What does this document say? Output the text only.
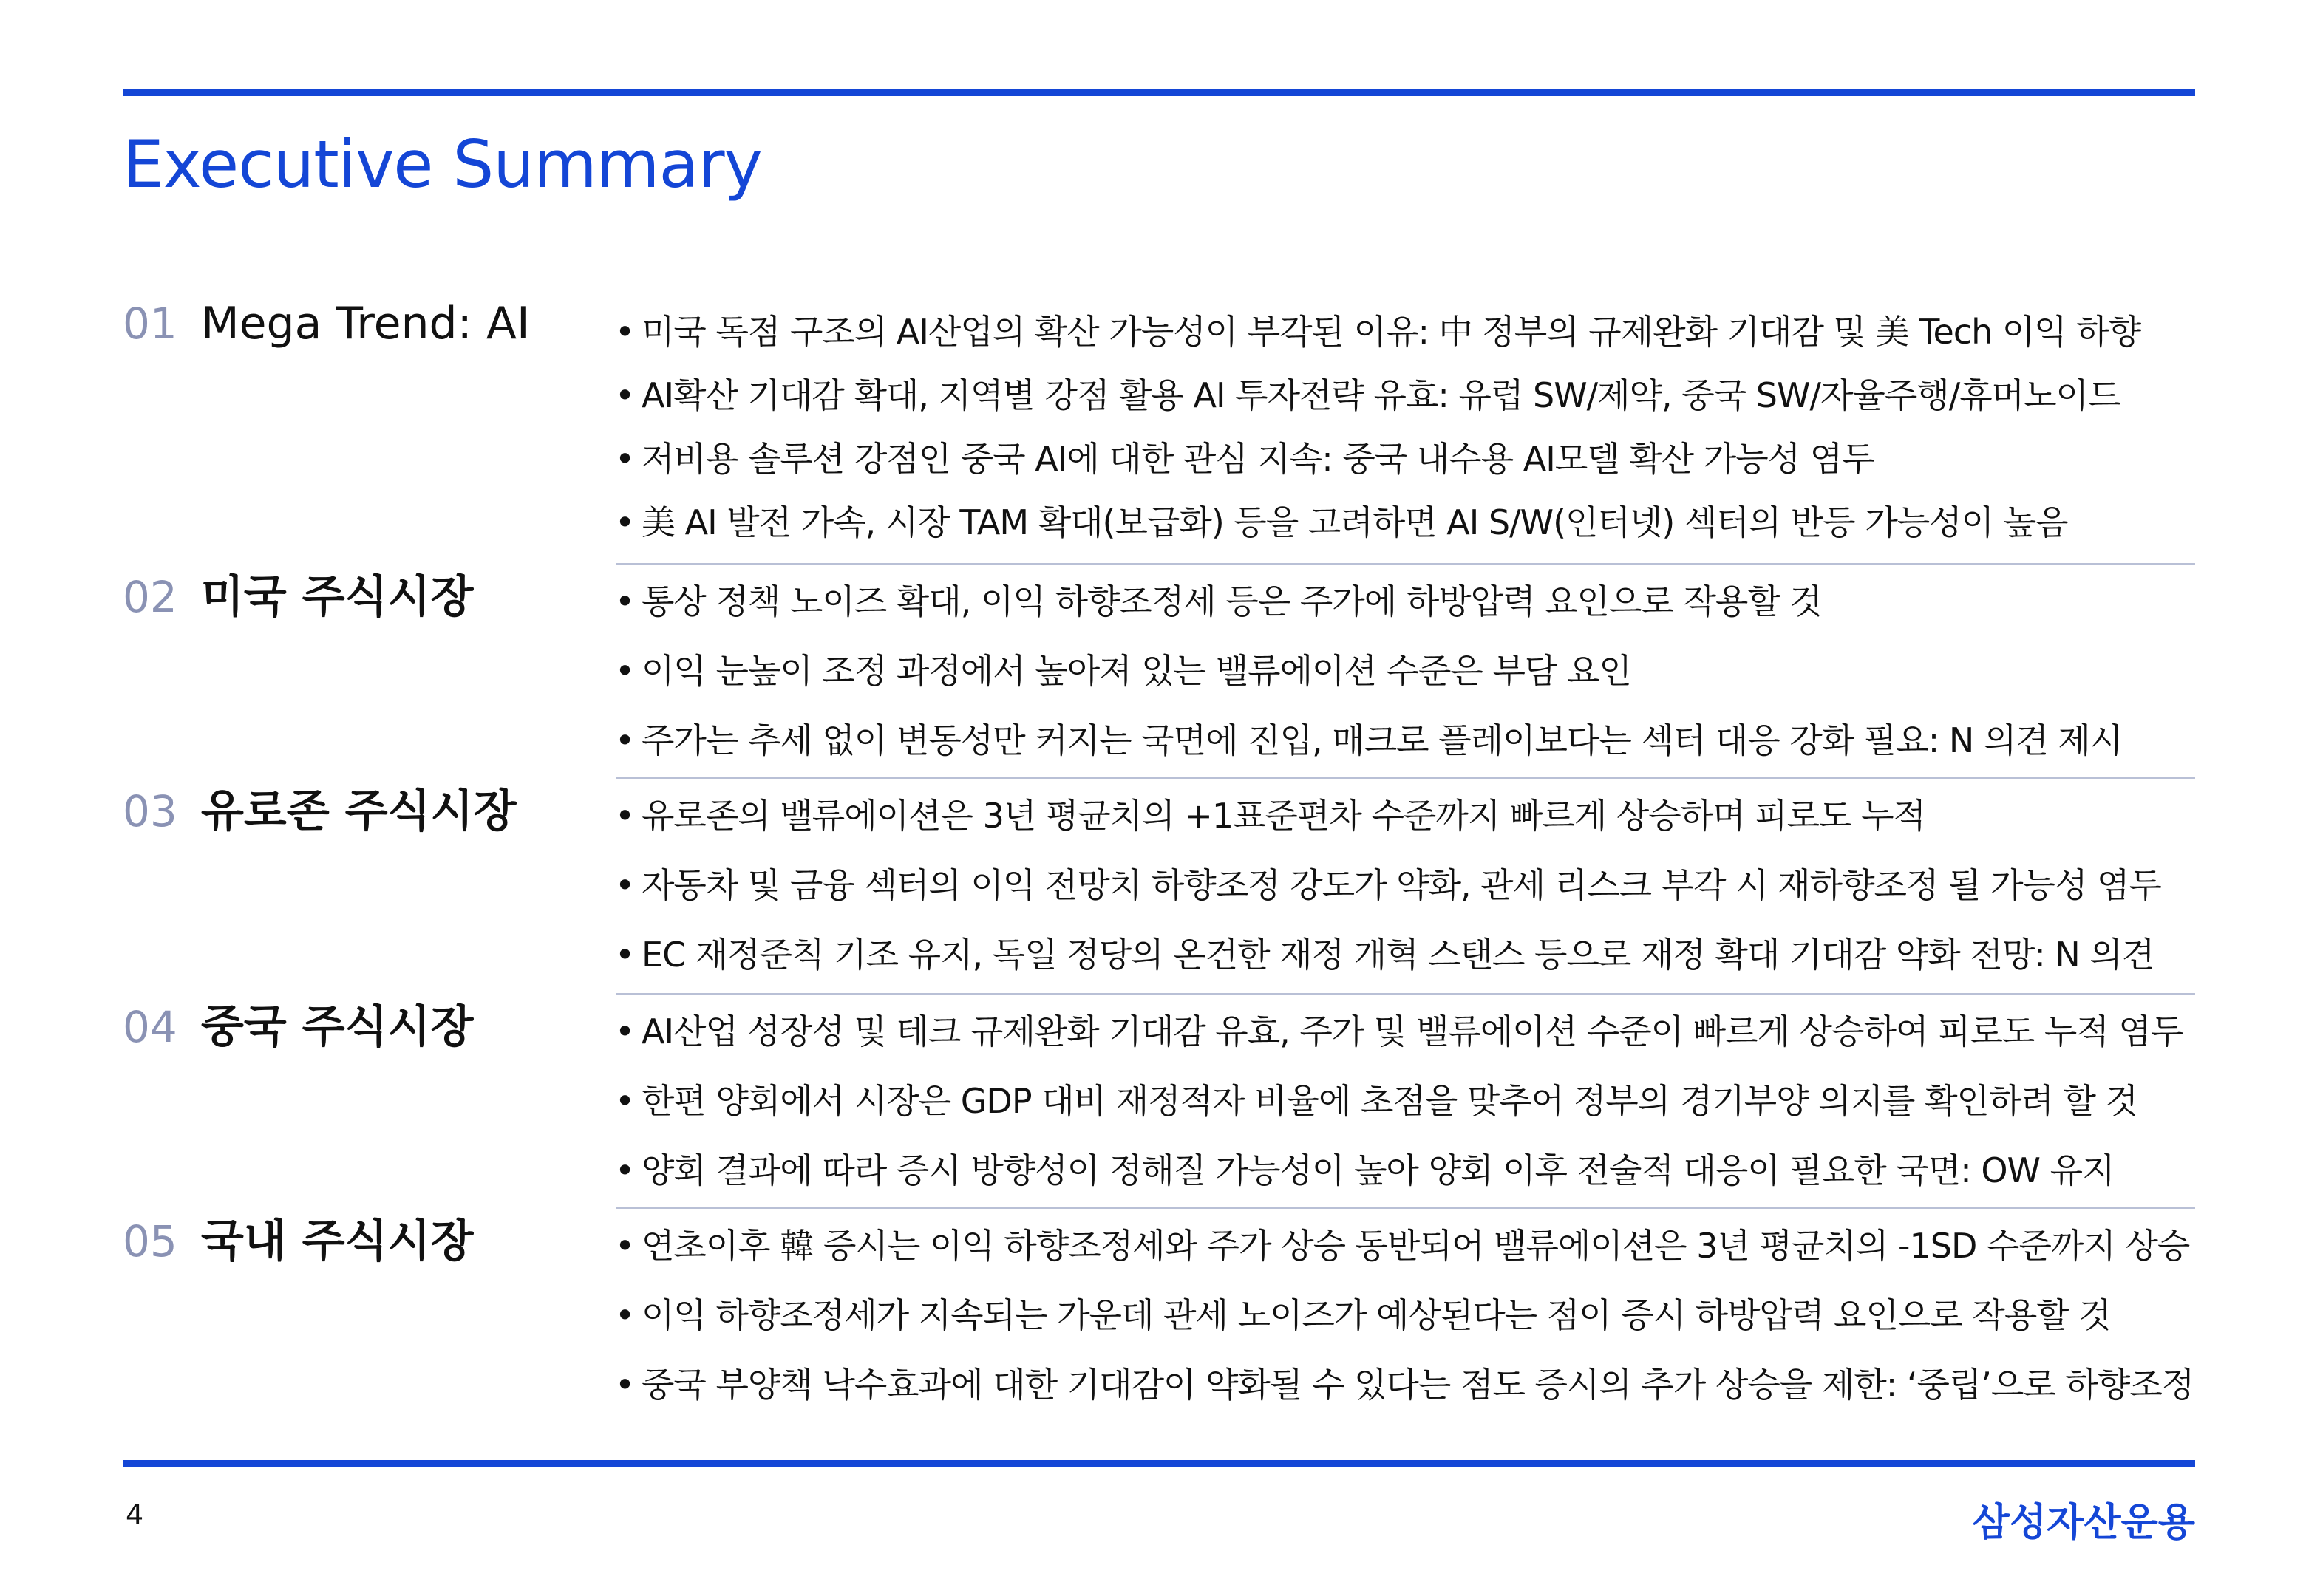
Executive Summary
01 Mega Trend: AI	• 미국 독점 구조의 AI산업의 확산 가능성이 부각된 이유: 中 정부의 규제완화 기대감 및 美 Tech 이익 하향
• AI확산 기대감 확대, 지역별 강점 활용 AI 투자전략 유효: 유럽 SW/제약, 중국 SW/자율주행/휴머노이드
• 저비용 솔루션 강점인 중국 AI에 대한 관심 지속: 중국 내수용 AI모델 확산 가능성 염두
• 美 AI 발전 가속, 시장 TAM 확대(보급화) 등을 고려하면 AI S/W(인터넷) 섹터의 반등 가능성이 높음
02 미국 주식시장	• 통상 정책 노이즈 확대, 이익 하향조정세 등은 주가에 하방압력 요인으로 작용할 것
• 이익 눈높이 조정 과정에서 높아져 있는 밸류에이션 수준은 부담 요인
• 주가는 추세 없이 변동성만 커지는 국면에 진입, 매크로 플레이보다는 섹터 대응 강화 필요: N 의견 제시
03 유로존 주식시장	• 유로존의 밸류에이션은 3년 평균치의 +1표준편차 수준까지 빠르게 상승하며 피로도 누적
• 자동차 및 금융 섹터의 이익 전망치 하향조정 강도가 약화, 관세 리스크 부각 시 재하향조정 될 가능성 염두
• EC 재정준칙 기조 유지, 독일 정당의 온건한 재정 개혁 스탠스 등으로 재정 확대 기대감 약화 전망: N 의견
04 중국 주식시장	• AI산업 성장성 및 테크 규제완화 기대감 유효, 주가 및 밸류에이션 수준이 빠르게 상승하여 피로도 누적 염두
• 한편 양회에서 시장은 GDP 대비 재정적자 비율에 초점을 맞추어 정부의 경기부양 의지를 확인하려 할 것
• 양회 결과에 따라 증시 방향성이 정해질 가능성이 높아 양회 이후 전술적 대응이 필요한 국면: OW 유지
05 국내 주식시장	• 연초이후 韓 증시는 이익 하향조정세와 주가 상승 동반되어 밸류에이션은 3년 평균치의 -1SD 수준까지 상승
• 이익 하향조정세가 지속되는 가운데 관세 노이즈가 예상된다는 점이 증시 하방압력 요인으로 작용할 것
• 중국 부양책 낙수효과에 대한 기대감이 약화될 수 있다는 점도 증시의 추가 상승을 제한: ‘중립’으로 하향조정
4	삼성자산운용
